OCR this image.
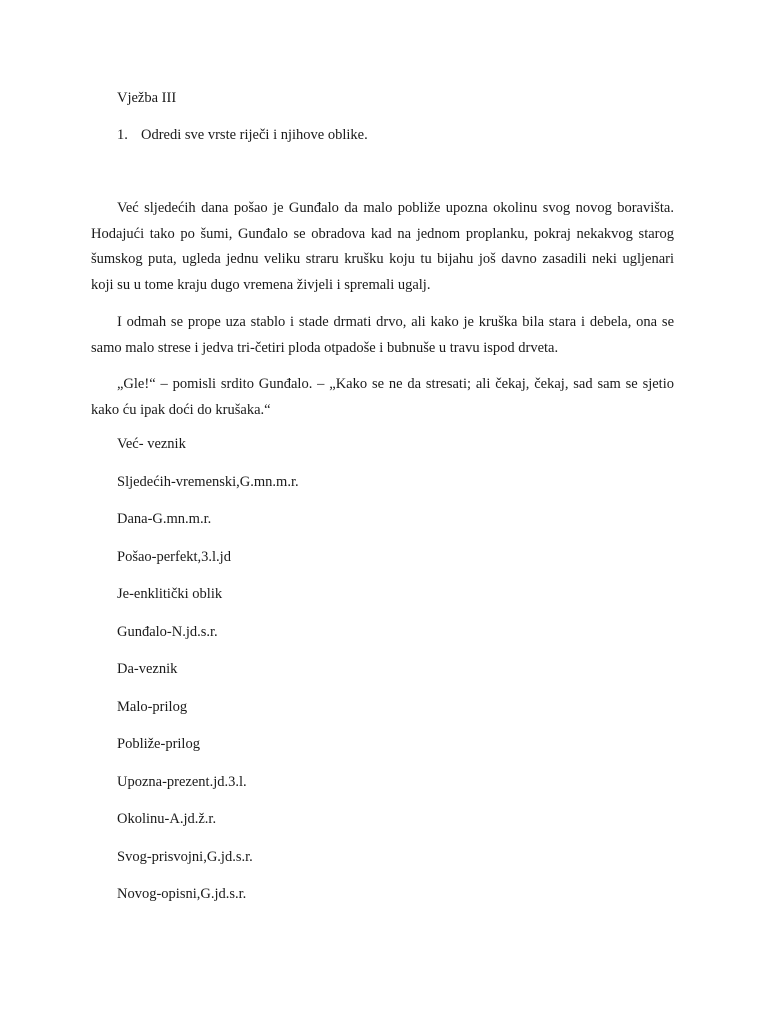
Vježba III
1. Odredi sve vrste riječi i njihove oblike.

Već sljedećih dana pošao je Gunđalo da malo pobliže upozna okolinu svog novog boravišta. Hodajući tako po šumi, Gunđalo se obradova kad na jednom proplanku, pokraj nekakvog starog šumskog puta, ugleda jednu veliku straru krušku koju tu bijahu još davno zasadili neki ugljenari koji su u tome kraju dugo vremena živjeli i spremali ugalj.

I odmah se prope uza stablo i stade drmati drvo, ali kako je kruška bila stara i debela, ona se samo malo strese i jedva tri-četiri ploda otpadoše i bubnuše u travu ispod drveta.

„Gle!“ – pomisli srdito Gunđalo. – „Kako se ne da stresati; ali čekaj, čekaj, sad sam se sjetio kako ću ipak doći do krušaka.“

Već- veznik
Sljedećih-vremenski,G.mn.m.r.
Dana-G.mn.m.r.
Pošao-perfekt,3.l.jd
Je-enklitički oblik
Gunđalo-N.jd.s.r.
Da-veznik
Malo-prilog
Pobliže-prilog
Upozna-prezent.jd.3.l.
Okolinu-A.jd.ž.r.
Svog-prisvojni,G.jd.s.r.
Novog-opisni,G.jd.s.r.
